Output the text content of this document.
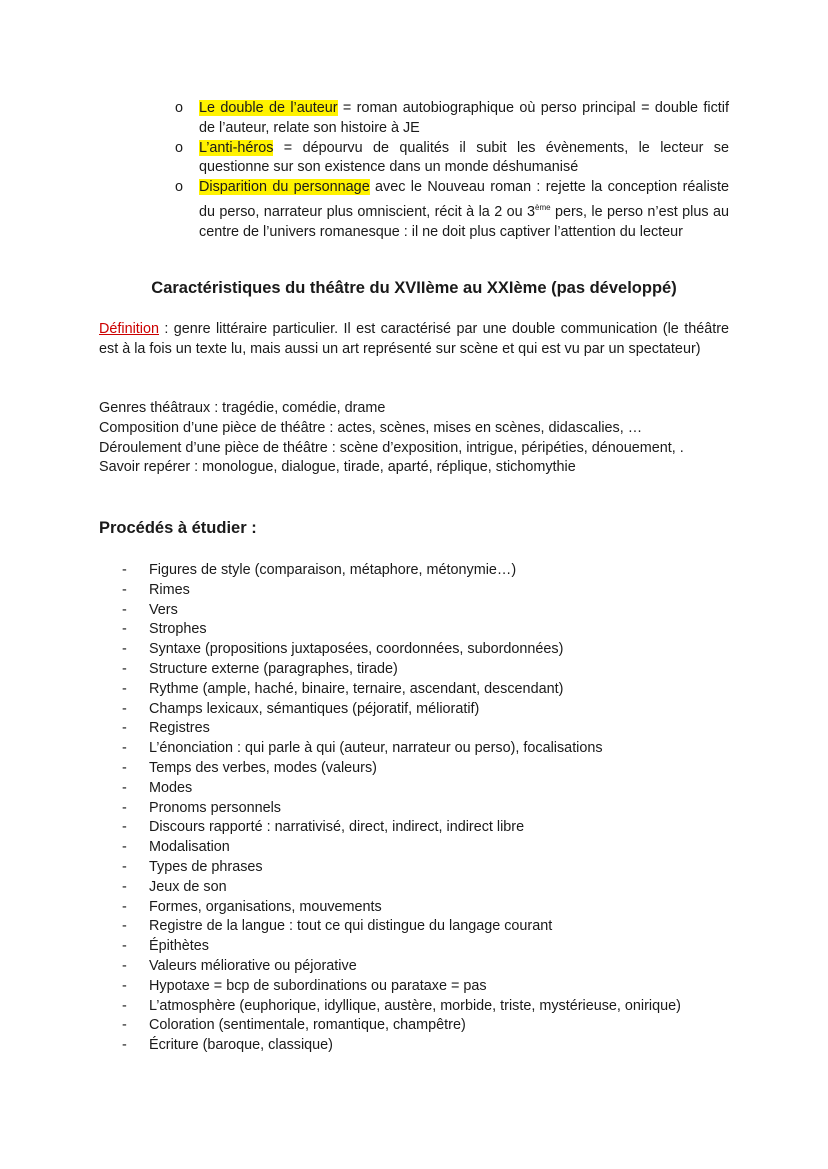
o Le double de l’auteur = roman autobiographique où perso principal = double fictif de l’auteur, relate son histoire à JE
o L’anti-héros = dépourvu de qualités il subit les évènements, le lecteur se questionne sur son existence dans un monde déshumanisé
o Disparition du personnage avec le Nouveau roman : rejette la conception réaliste du perso, narrateur plus omniscient, récit à la 2 ou 3ème pers, le perso n’est plus au centre de l’univers romanesque : il ne doit plus captiver l’attention du lecteur
Caractéristiques du théâtre du XVIIème au XXIème (pas développé)

Définition : genre littéraire particulier. Il est caractérisé par une double communication (le théâtre est à la fois un texte lu, mais aussi un art représenté sur scène et qui est vu par un spectateur)

Genres théâtraux : tragédie, comédie, drame
Composition d’une pièce de théâtre : actes, scènes, mises en scènes, didascalies, …
Déroulement d’une pièce de théâtre : scène d’exposition, intrigue, péripéties, dénouement, .
Savoir repérer : monologue, dialogue, tirade, aparté, réplique, stichomythie
Procédés à étudier :
- Figures de style (comparaison, métaphore, métonymie…)
- Rimes
- Vers
- Strophes
- Syntaxe (propositions juxtaposées, coordonnées, subordonnées)
- Structure externe (paragraphes, tirade)
- Rythme (ample, haché, binaire, ternaire, ascendant, descendant)
- Champs lexicaux, sémantiques (péjoratif, mélioratif)
- Registres
- L’énonciation : qui parle à qui (auteur, narrateur ou perso), focalisations
- Temps des verbes, modes (valeurs)
- Modes
- Pronoms personnels
- Discours rapporté : narrativisé, direct, indirect, indirect libre
- Modalisation
- Types de phrases
- Jeux de son
- Formes, organisations, mouvements
- Registre de la langue : tout ce qui distingue du langage courant
- Épithètes
- Valeurs méliorative ou péjorative
- Hypotaxe = bcp de subordinations ou parataxe = pas
- L’atmosphère (euphorique, idyllique, austère, morbide, triste, mystérieuse, onirique)
- Coloration (sentimentale, romantique, champêtre)
- Écriture (baroque, classique)
